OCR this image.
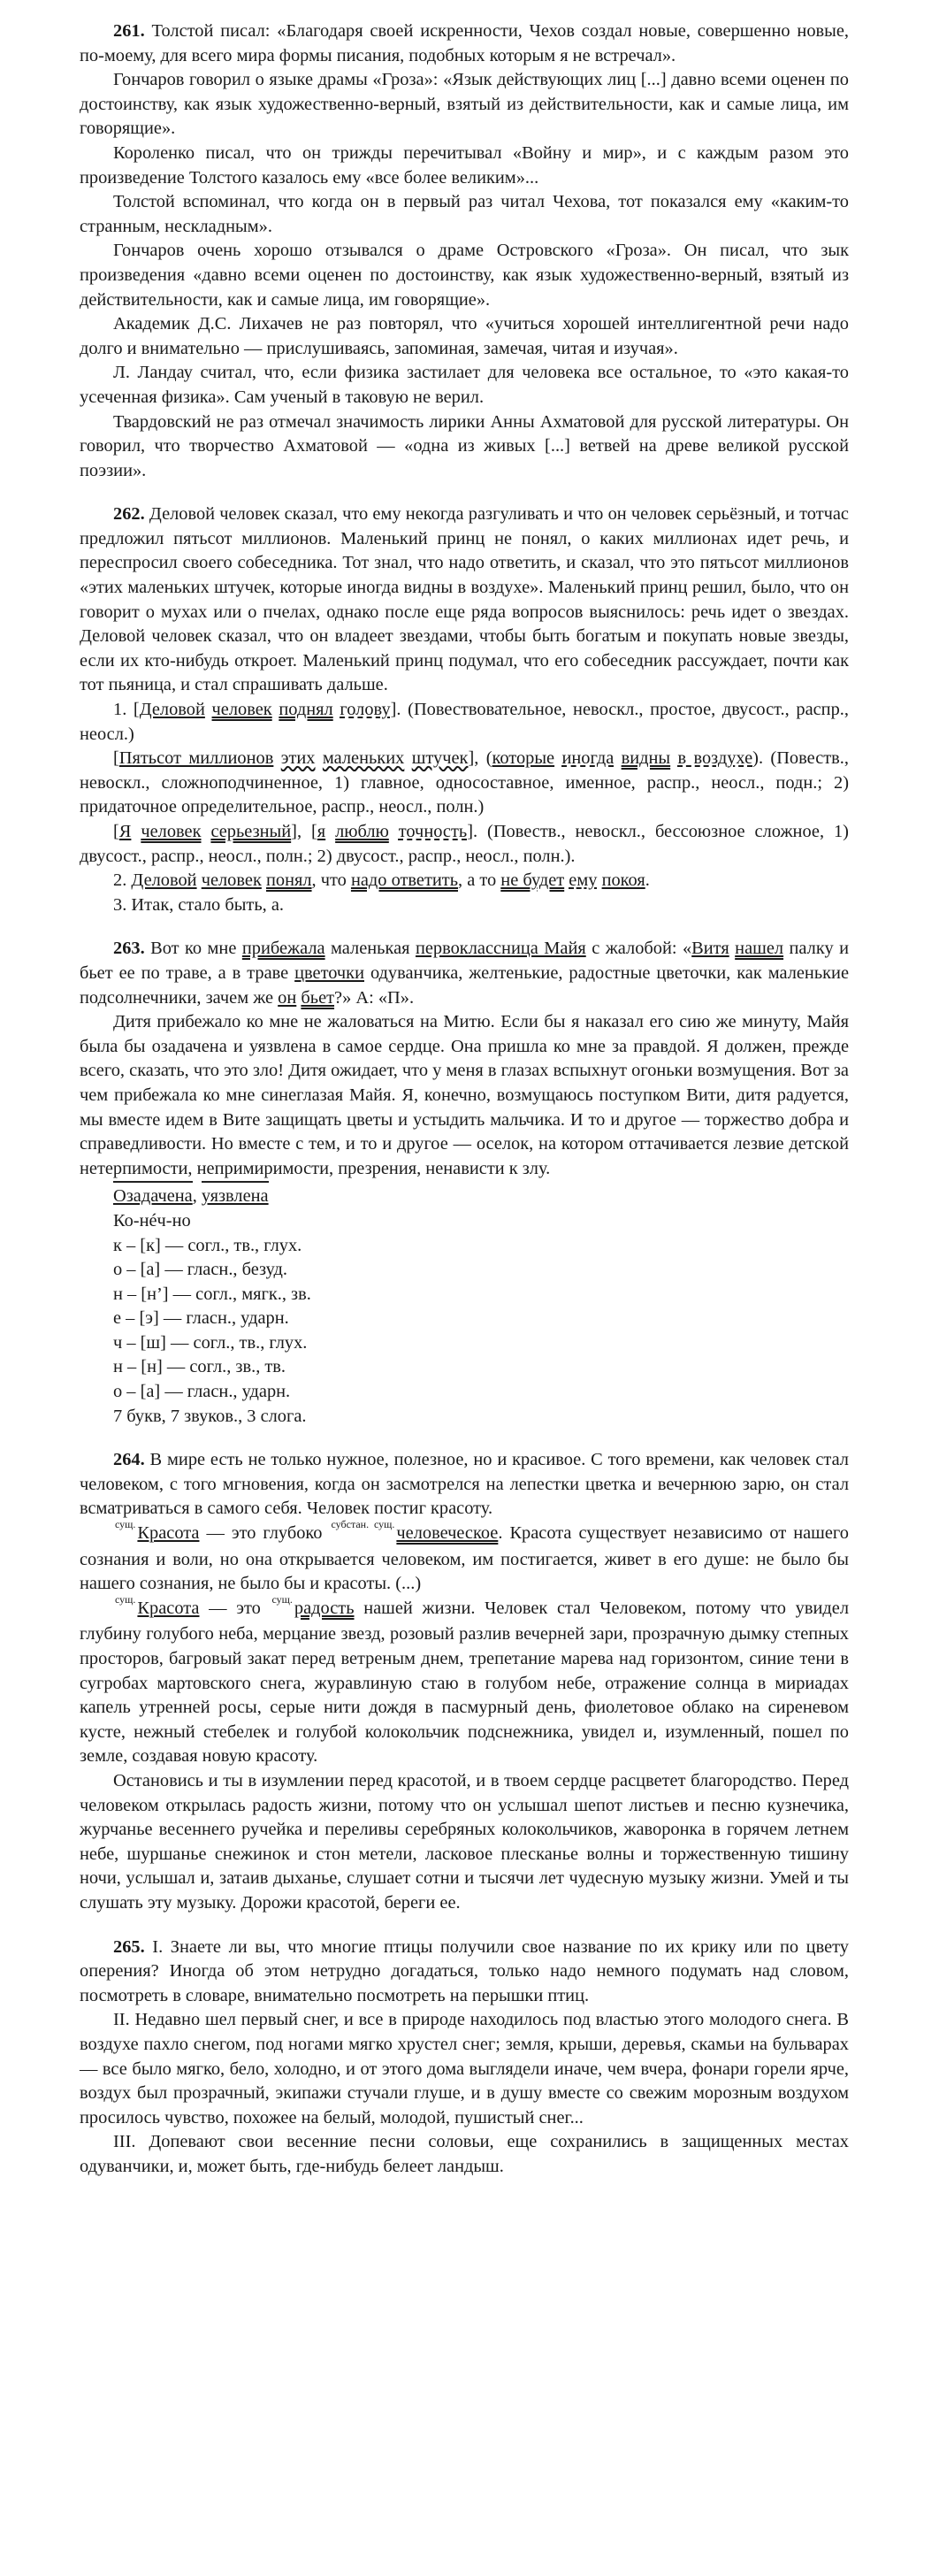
261. Толстой писал: «Благодаря своей искренности, Чехов создал новые, совершенно новые, по-моему, для всего мира формы писания, подобных которым я не встречал».

Гончаров говорил о языке драмы «Гроза»: «Язык действующих лиц [...] давно всеми оценен по достоинству, как язык художественно-верный, взятый из действительности, как и самые лица, им говорящие».

Короленко писал, что он трижды перечитывал «Войну и мир», и с каждым разом это произведение Толстого казалось ему «все более великим»...

Толстой вспоминал, что когда он в первый раз читал Чехова, тот показался ему «каким-то странным, нескладным».

Гончаров очень хорошо отзывался о драме Островского «Гроза». Он писал, что зык произведения «давно всеми оценен по достоинству, как язык художественно-верный, взятый из действительности, как и самые лица, им говорящие».

Академик Д.С. Лихачев не раз повторял, что «учиться хорошей интеллигентной речи надо долго и внимательно — прислушиваясь, запоминая, замечая, читая и изучая».

Л. Ландау считал, что, если физика застилает для человека все остальное, то «это какая-то усеченная физика». Сам ученый в таковую не верил.

Твардовский не раз отмечал значимость лирики Анны Ахматовой для русской литературы. Он говорил, что творчество Ахматовой — «одна из живых [...] ветвей на древе великой русской поэзии».

262. Деловой человек сказал, что ему некогда разгуливать и что он человек серьёзный, и тотчас предложил пятьсот миллионов. Маленький принц не понял, о каких миллионах идет речь, и переспросил своего собеседника. Тот знал, что надо ответить, и сказал, что это пятьсот миллионов «этих маленьких штучек, которые иногда видны в воздухе». Маленький принц решил, было, что он говорит о мухах или о пчелах, однако после еще ряда вопросов выяснилось: речь идет о звездах. Деловой человек сказал, что он владеет звездами, чтобы быть богатым и покупать новые звезды, если их кто-нибудь откроет. Маленький принц подумал, что его собеседник рассуждает, почти как тот пьяница, и стал спрашивать дальше.

1. [Деловой человек поднял голову]. (Повествовательное, невоскл., простое, двусост., распр., неосл.)

[Пятьсот миллионов этих маленьких штучек], (которые иногда видны в воздухе). (Повеств., невоскл., сложноподчиненное, 1) главное, односоставное, именное, распр., неосл., подн.; 2) придаточное определительное, распр., неосл., полн.)

[Я человек серьезный], [я люблю точность]. (Повеств., невоскл., бессоюзное сложное, 1) двусост., распр., неосл., полн.; 2) двусост., распр., неосл., полн.).

2. Деловой человек понял, что надо ответить, а то не будет ему покоя.

3. Итак, стало быть, а.

263. Вот ко мне прибежала маленькая первоклассница Майя с жалобой: «Витя нашел палку и бьет ее по траве, а в траве цветочки одуванчика, желтенькие, радостные цветочки, как маленькие подсолнечники, зачем же он бьет?» А: «П».

Дитя прибежало ко мне не жаловаться на Митю. Если бы я наказал его сию же минуту, Майя была бы озадачена и уязвлена в самое сердце. Она пришла ко мне за правдой. Я должен, прежде всего, сказать, что это зло! Дитя ожидает, что у меня в глазах вспыхнут огоньки возмущения. Вот за чем прибежала ко мне синеглазая Майя. Я, конечно, возмущаюсь поступком Вити, дитя радуется, мы вместе идем в Вите защищать цветы и устыдить мальчика. И то и другое — торжество добра и справедливости. Но вместе с тем, и то и другое — оселок, на котором оттачивается лезвие детской нетерпимости, непримиримости, презрения, ненависти к злу.

Озадачена, уязвлена

Ко-нéч-но

к – [к] — согл., тв., глух.

о – [а] — гласн., безуд.

н – [н’] — согл., мягк., зв.

е – [э] — гласн., ударн.

ч – [ш] — согл., тв., глух.

н – [н] — согл., зв., тв.

о – [а] — гласн., ударн.

7 букв, 7 звуков., 3 слога.

264. В мире есть не только нужное, полезное, но и красивое. С того времени, как человек стал человеком, с того мгновения, когда он засмотрелся на лепестки цветка и вечернюю зарю, он стал всматриваться в самого себя. Человек постиг красоту.

$^{сущ.}$Красота — это глубоко $^{субстан. сущ.}$человеческое. Красота существует независимо от нашего сознания и воли, но она открывается человеком, им постигается, живет в его душе: не было бы нашего сознания, не было бы и красоты. (...)

$^{сущ.}$Красота — это $^{сущ.}$радость нашей жизни. Человек стал Человеком, потому что увидел глубину голубого неба, мерцание звезд, розовый разлив вечерней зари, прозрачную дымку степных просторов, багровый закат перед ветреным днем, трепетание марева над горизонтом, синие тени в сугробах мартовского снега, журавлиную стаю в голубом небе, отражение солнца в мириадах капель утренней росы, серые нити дождя в пасмурный день, фиолетовое облако на сиреневом кусте, нежный стебелек и голубой колокольчик подснежника, увидел и, изумленный, пошел по земле, создавая новую красоту.

Остановись и ты в изумлении перед красотой, и в твоем сердце расцветет благородство. Перед человеком открылась радость жизни, потому что он услышал шепот листьев и песню кузнечика, журчанье весеннего ручейка и переливы серебряных колокольчиков, жаворонка в горячем летнем небе, шуршанье снежинок и стон метели, ласковое плесканье волны и торжественную тишину ночи, услышал и, затаив дыханье, слушает сотни и тысячи лет чудесную музыку жизни. Умей и ты слушать эту музыку. Дорожи красотой, береги ее.

265. I. Знаете ли вы, что многие птицы получили свое название по их крику или по цвету оперения? Иногда об этом нетрудно догадаться, только надо немного подумать над словом, посмотреть в словаре, внимательно посмотреть на перышки птиц.

II. Недавно шел первый снег, и все в природе находилось под властью этого молодого снега. В воздухе пахло снегом, под ногами мягко хрустел снег; земля, крыши, деревья, скамьи на бульварах — все было мягко, бело, холодно, и от этого дома выглядели иначе, чем вчера, фонари горели ярче, воздух был прозрачный, экипажи стучали глуше, и в душу вместе со свежим морозным воздухом просилось чувство, похожее на белый, молодой, пушистый снег...

III. Допевают свои весенние песни соловьи, еще сохранились в защищенных местах одуванчики, и, может быть, где-нибудь белеет ландыш.
